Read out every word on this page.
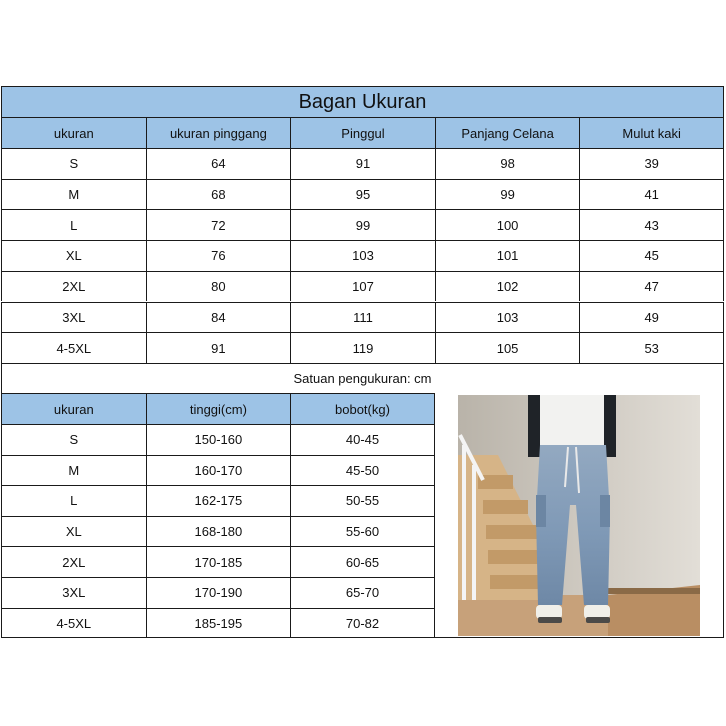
Bagan Ukuran
ukuran	ukuran pinggang	Pinggul	Panjang Celana	Mulut kaki
S	64	91	98	39
M	68	95	99	41
L	72	99	100	43
XL	76	103	101	45
2XL	80	107	102	47
3XL	84	111	103	49
4-5XL	91	119	105	53
Satuan pengukuran: cm
ukuran	tinggi(cm)	bobot(kg)
S	150-160	40-45
M	160-170	45-50
L	162-175	50-55
XL	168-180	55-60
2XL	170-185	60-65
3XL	170-190	65-70
4-5XL	185-195	70-82
